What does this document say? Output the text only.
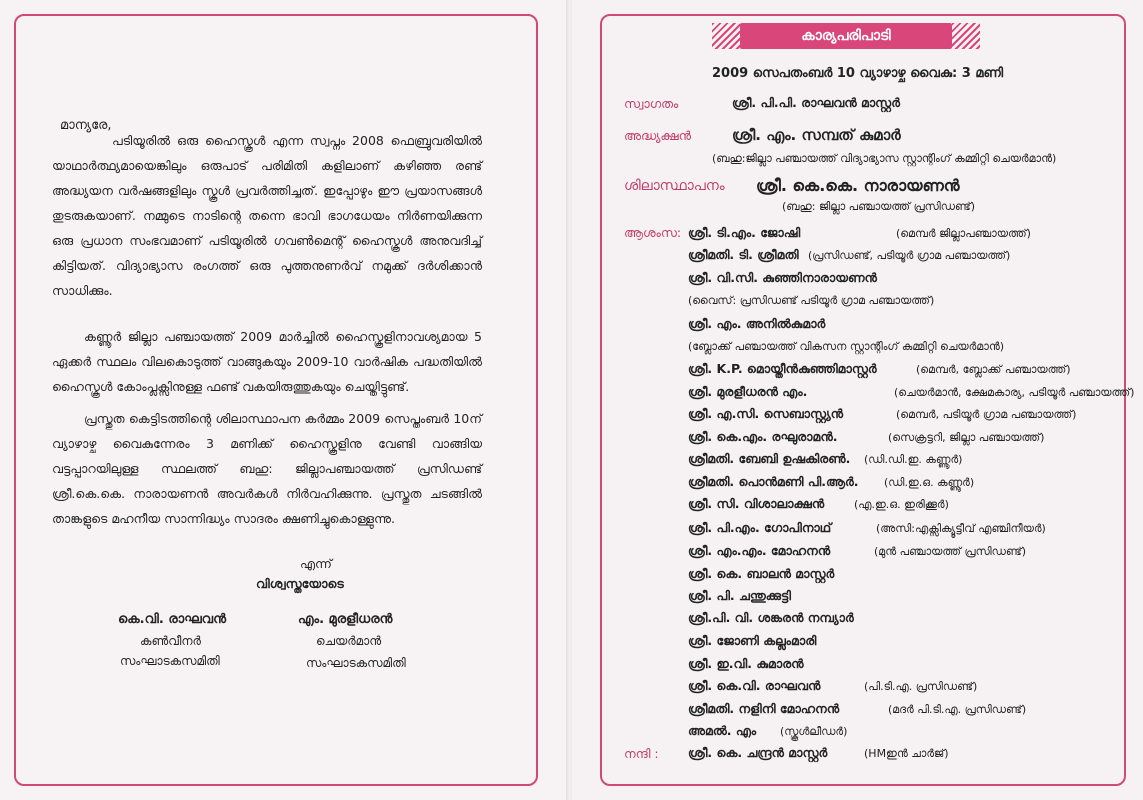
മാന്യരേ,
പടിയൂരിൽ ഒരു ഹൈസ്കൂൾ എന്ന സ്വപ്നം 2008 ഫെബ്രുവരിയിൽ യാഥാർത്ഥ്യമായെങ്കിലും ഒരുപാട് പരിമിതി കളിലാണ് കഴിഞ്ഞ രണ്ട് അദ്ധ്യയന വർഷങ്ങളിലും സ്കൂൾ പ്രവർത്തിച്ചത്. ഇപ്പോഴും ഈ പ്രയാസങ്ങൾ തുടരുകയാണ്. നമ്മുടെ നാടിന്റെ തന്നെ ഭാവി ഭാഗധേയം നിർണയിക്കുന്ന ഒരു പ്രധാന സംഭവമാണ് പടിയൂരിൽ ഗവൺമെന്റ് ഹൈസ്കൂൾ അനുവദിച്ച് കിട്ടിയത്. വിദ്യാഭ്യാസ രംഗത്ത് ഒരു പുത്തനുണർവ് നമുക്ക് ദർശിക്കാൻ സാധിക്കും.
കണ്ണൂർ ജില്ലാ പഞ്ചായത്ത് 2009 മാർച്ചിൽ ഹൈസ്കൂളിനാവശ്യമായ 5 ഏക്കർ സ്ഥലം വിലകൊടുത്ത് വാങ്ങുകയും 2009-10 വാർഷിക പദ്ധതിയിൽ ഹൈസ്കൂൾ കോംപ്ലക്സിനുള്ള ഫണ്ട് വകയിരുത്തുകയും ചെയ്തിട്ടുണ്ട്.
പ്രസ്തുത കെട്ടിടത്തിന്റെ ശിലാസ്ഥാപന കർമ്മം 2009 സെപ്തംബർ 10ന് വ്യാഴാഴ്ച വൈകുന്നേരം 3 മണിക്ക് ഹൈസ്കൂളിനു വേണ്ടി വാങ്ങിയ വട്ടപ്പാറയിലുള്ള സ്ഥലത്ത് ബഹു: ജില്ലാപഞ്ചായത്ത് പ്രസിഡണ്ട് ശ്രീ.കെ.കെ. നാരായണൻ അവർകൾ നിർവഹിക്കുന്നു. പ്രസ്തുത ചടങ്ങിൽ താങ്കളുടെ മഹനീയ സാന്നിദ്ധ്യം സാദരം ക്ഷണിച്ചുകൊള്ളുന്നു.
എന്ന്
വിശ്വസ്തയോടെ
കെ.വി. രാഘവൻ
കൺവീനർ
സംഘാടകസമിതി
എം. മുരളീധരൻ
ചെയർമാൻ
സംഘാടകസമിതി
കാര്യപരിപാടി
2009 സെപതംബർ 10 വ്യാഴാഴ്ച വൈകു: 3 മണി
സ്വാഗതം	ശ്രീ. പി.പി. രാഘവൻ മാസ്റ്റർ
അദ്ധ്യക്ഷൻ	ശ്രീ. എം. സമ്പത് കുമാർ
(ബഹു:ജില്ലാ പഞ്ചായത്ത് വിദ്യാഭ്യാസ സ്റ്റാന്റിംഗ് കമ്മിറ്റി ചെയർമാൻ)
ശിലാസ്ഥാപനം ശ്രീ. കെ.കെ. നാരായണൻ
(ബഹു: ജില്ലാ പഞ്ചായത്ത് പ്രസിഡണ്ട്)
ആശംസ: ശ്രീ. ടി.എം. ജോഷി	(മെമ്പർ ജില്ലാപഞ്ചായത്ത്)
ശ്രീമതി. ടി. ശ്രീമതി (പ്രസിഡണ്ട്, പടിയൂർ ഗ്രാമ പഞ്ചായത്ത്)
ശ്രീ. വി.സി. കുഞ്ഞിനാരായണൻ
(വൈസ്: പ്രസിഡണ്ട് പടിയൂർ ഗ്രാമ പഞ്ചായത്ത്)
ശ്രീ. എം. അനിൽകുമാർ
(ബ്ലോക്ക് പഞ്ചായത്ത് വികസന സ്റ്റാന്റിംഗ് കമ്മിറ്റി ചെയർമാൻ)
ശ്രീ. K.P. മൊയ്തീൻകുഞ്ഞിമാസ്റ്റർ	(മെമ്പർ, ബ്ലോക്ക് പഞ്ചായത്ത്)
ശ്രീ. മുരളീധരൻ എം.	(ചെയർമാൻ, ക്ഷേമകാര്യ, പടിയൂർ പഞ്ചായത്ത്)
ശ്രീ. എ.സി. സെബാസ്റ്റ്യൻ	(മെമ്പർ, പടിയൂർ ഗ്രാമ പഞ്ചായത്ത്)
ശ്രീ. കെ.എം. രഘുരാമൻ.	(സെക്രട്ടറി, ജില്ലാ പഞ്ചായത്ത്)
ശ്രീമതി. ബേബി ഉഷകിരൺ. (ഡി.ഡി.ഇ. കണ്ണൂർ)
ശ്രീമതി. പൊൻമണി പി.ആർ. (ഡി.ഇ.ഒ. കണ്ണൂർ)
ശ്രീ. സി. വിശാലാക്ഷൻ	(എ.ഇ.ഒ. ഇരിക്കൂർ)
ശ്രീ. പി.എം. ഗോപിനാഥ്	(അസി:എക്സിക്യൂട്ടീവ് എഞ്ചിനീയർ)
ശ്രീ. എം.എം. മോഹനൻ	(മുൻ പഞ്ചായത്ത് പ്രസിഡണ്ട്)
ശ്രീ. കെ. ബാലൻ മാസ്റ്റർ
ശ്രീ. പി. ചന്തുക്കുട്ടി
ശ്രീ.പി. വി. ശങ്കരൻ നമ്പ്യാർ
ശ്രീ. ജോണി കല്ലംമാരി
ശ്രീ. ഇ.വി. കുമാരൻ
ശ്രീ. കെ.വി. രാഘവൻ	(പി.ടി.എ. പ്രസിഡണ്ട്)
ശ്രീമതി. നളിനി മോഹനൻ	(മദർ പി.ടി.എ. പ്രസിഡണ്ട്)
അമൽ. എം (സ്കൂൾലീഡർ)
നന്ദി : ശ്രീ. കെ. ചന്ദ്രൻ മാസ്റ്റർ	(HMഇൻ ചാർജ്)
